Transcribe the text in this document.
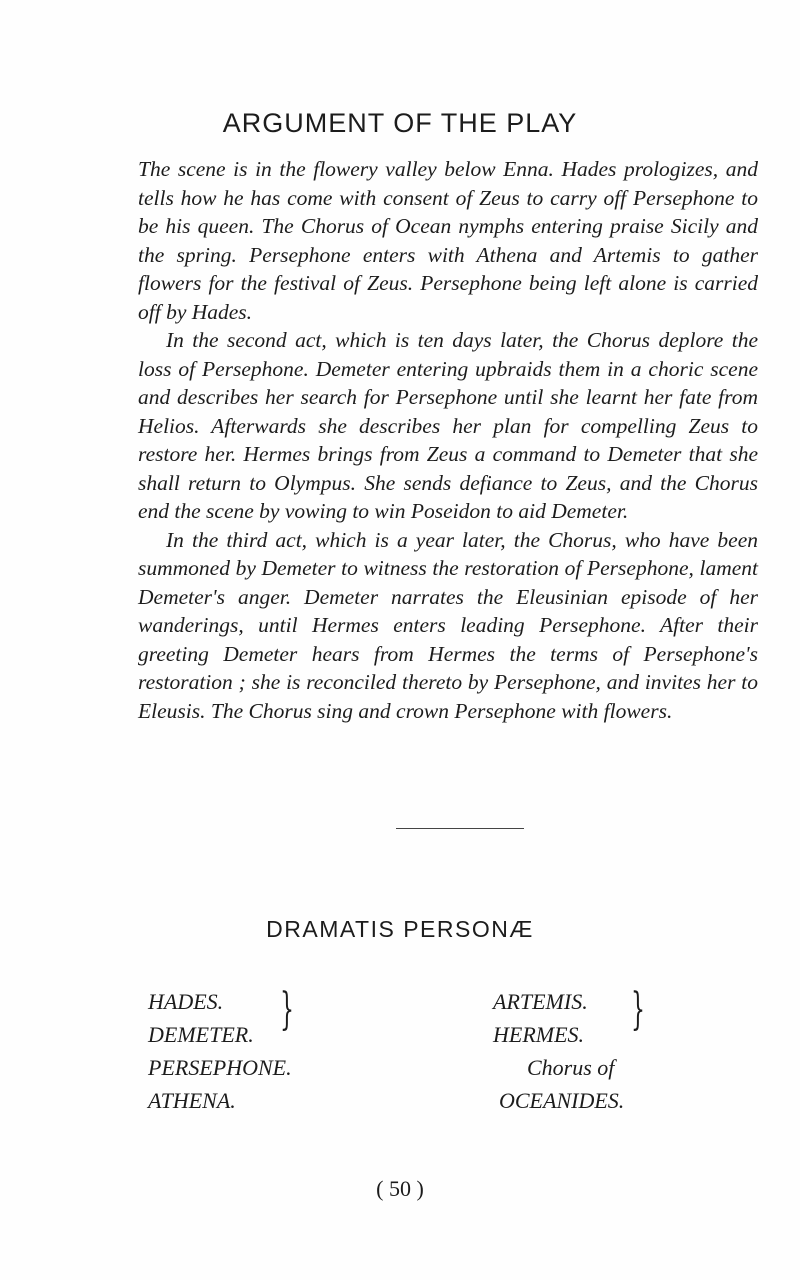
ARGUMENT OF THE PLAY

The scene is in the flowery valley below Enna. Hades prologizes, and tells how he has come with consent of Zeus to carry off Persephone to be his queen. The Chorus of Ocean nymphs entering praise Sicily and the spring. Persephone enters with Athena and Artemis to gather flowers for the festival of Zeus. Persephone being left alone is carried off by Hades.

In the second act, which is ten days later, the Chorus deplore the loss of Persephone. Demeter entering upbraids them in a choric scene and describes her search for Persephone until she learnt her fate from Helios. Afterwards she describes her plan for compelling Zeus to restore her. Hermes brings from Zeus a command to Demeter that she shall return to Olympus. She sends defiance to Zeus, and the Chorus end the scene by vowing to win Poseidon to aid Demeter.

In the third act, which is a year later, the Chorus, who have been summoned by Demeter to witness the restoration of Persephone, lament Demeter's anger. Demeter narrates the Eleusinian episode of her wanderings, until Hermes enters leading Persephone. After their greeting Demeter hears from Hermes the terms of Persephone's restoration ; she is reconciled thereto by Persephone, and invites her to Eleusis. The Chorus sing and crown Persephone with flowers.

DRAMATIS PERSONÆ
HADES.
DEMETER. }
PERSEPHONE.
ATHENA.
ARTEMIS.
HERMES. }
Chorus of
OCEANIDES.
( 50 )
